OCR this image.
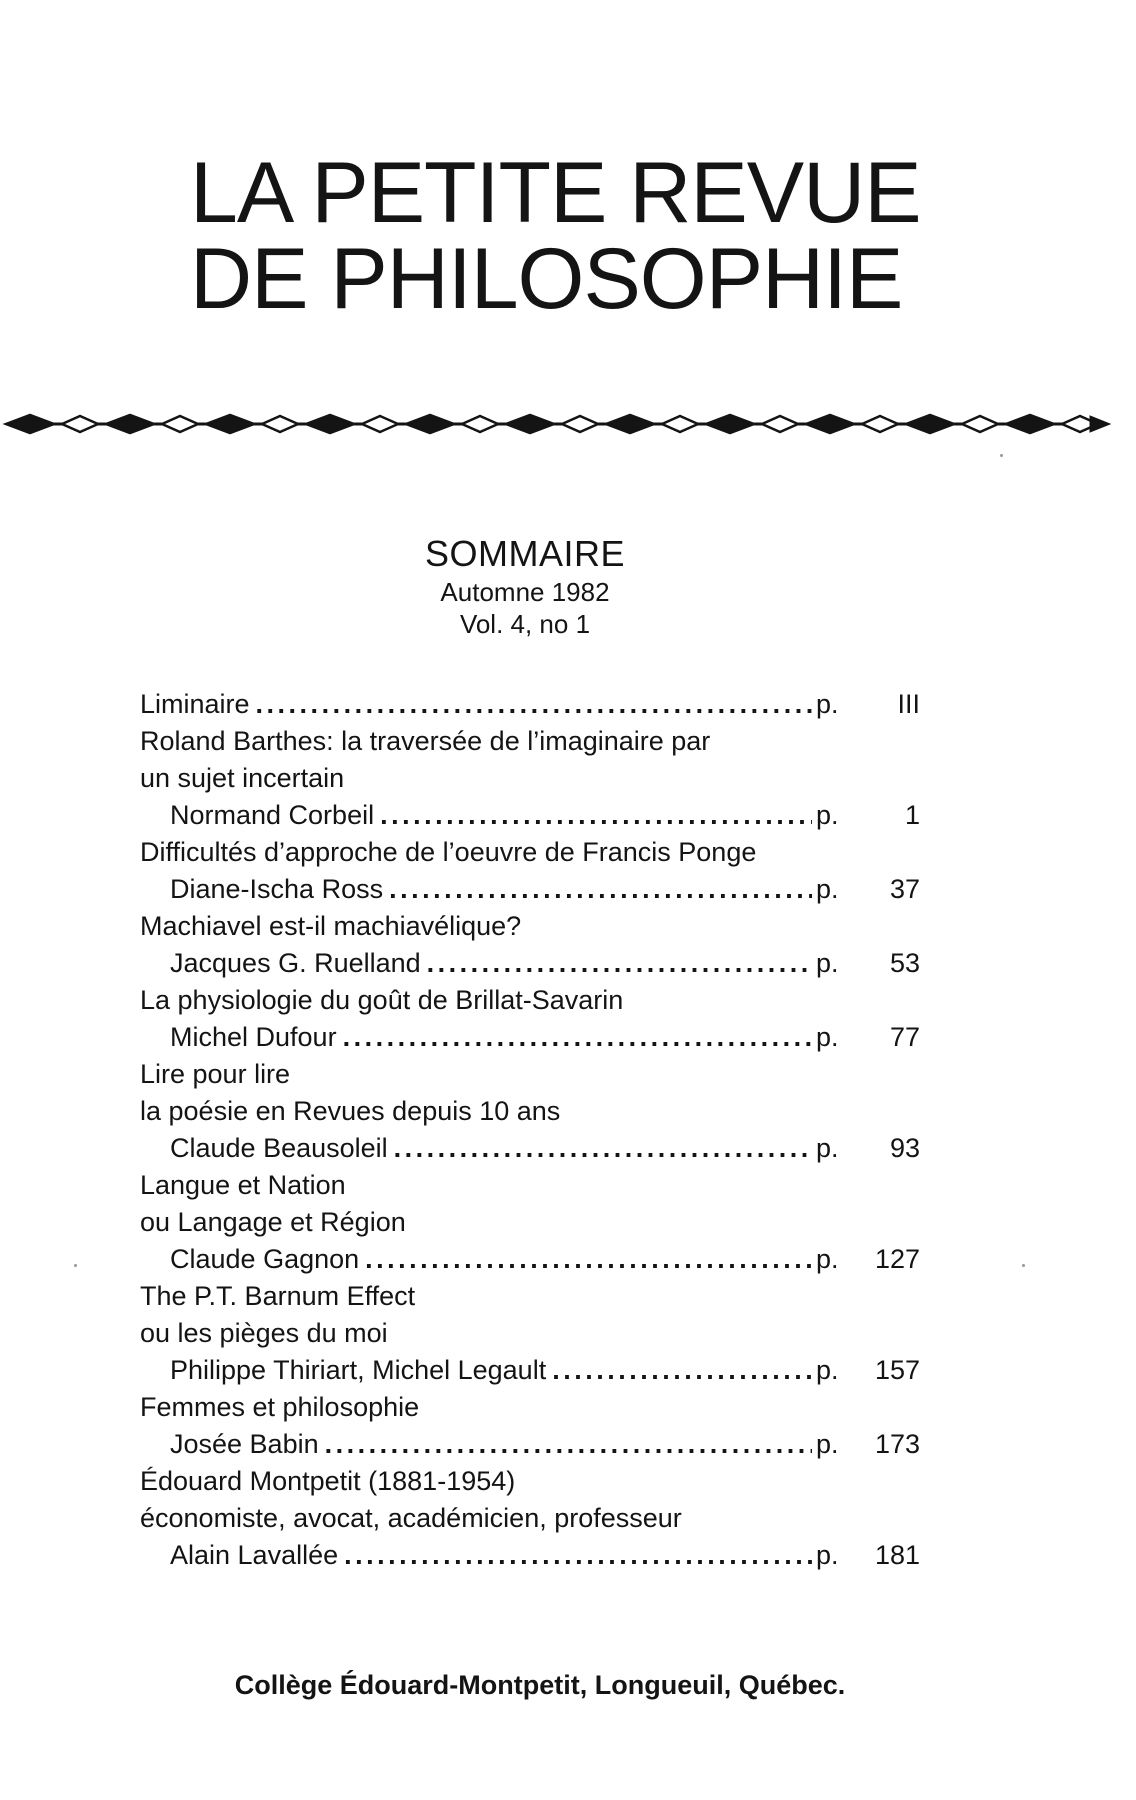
LA PETITE REVUE
DE PHILOSOPHIE
SOMMAIRE
Automne 1982
Vol. 4, no 1
Liminaire . . .	p.	III
Roland Barthes: la traversée de l’imaginaire par
un sujet incertain
Normand Corbeil . . .	p.	1
Difficultés d’approche de l’oeuvre de Francis Ponge
Diane-Ischa Ross . . .	p.	37
Machiavel est-il machiavélique?
Jacques G. Ruelland . . .	p.	53
La physiologie du goût de Brillat-Savarin
Michel Dufour . . .	p.	77
Lire pour lire
la poésie en Revues depuis 10 ans
Claude Beausoleil . . .	p.	93
Langue et Nation
ou Langage et Région
Claude Gagnon . . .	p.	127
The P.T. Barnum Effect
ou les pièges du moi
Philippe Thiriart, Michel Legault . . .	p.	157
Femmes et philosophie
Josée Babin . . .	p.	173
Édouard Montpetit (1881-1954)
économiste, avocat, académicien, professeur
Alain Lavallée . . .	p.	181
Collège Édouard-Montpetit, Longueuil, Québec.
